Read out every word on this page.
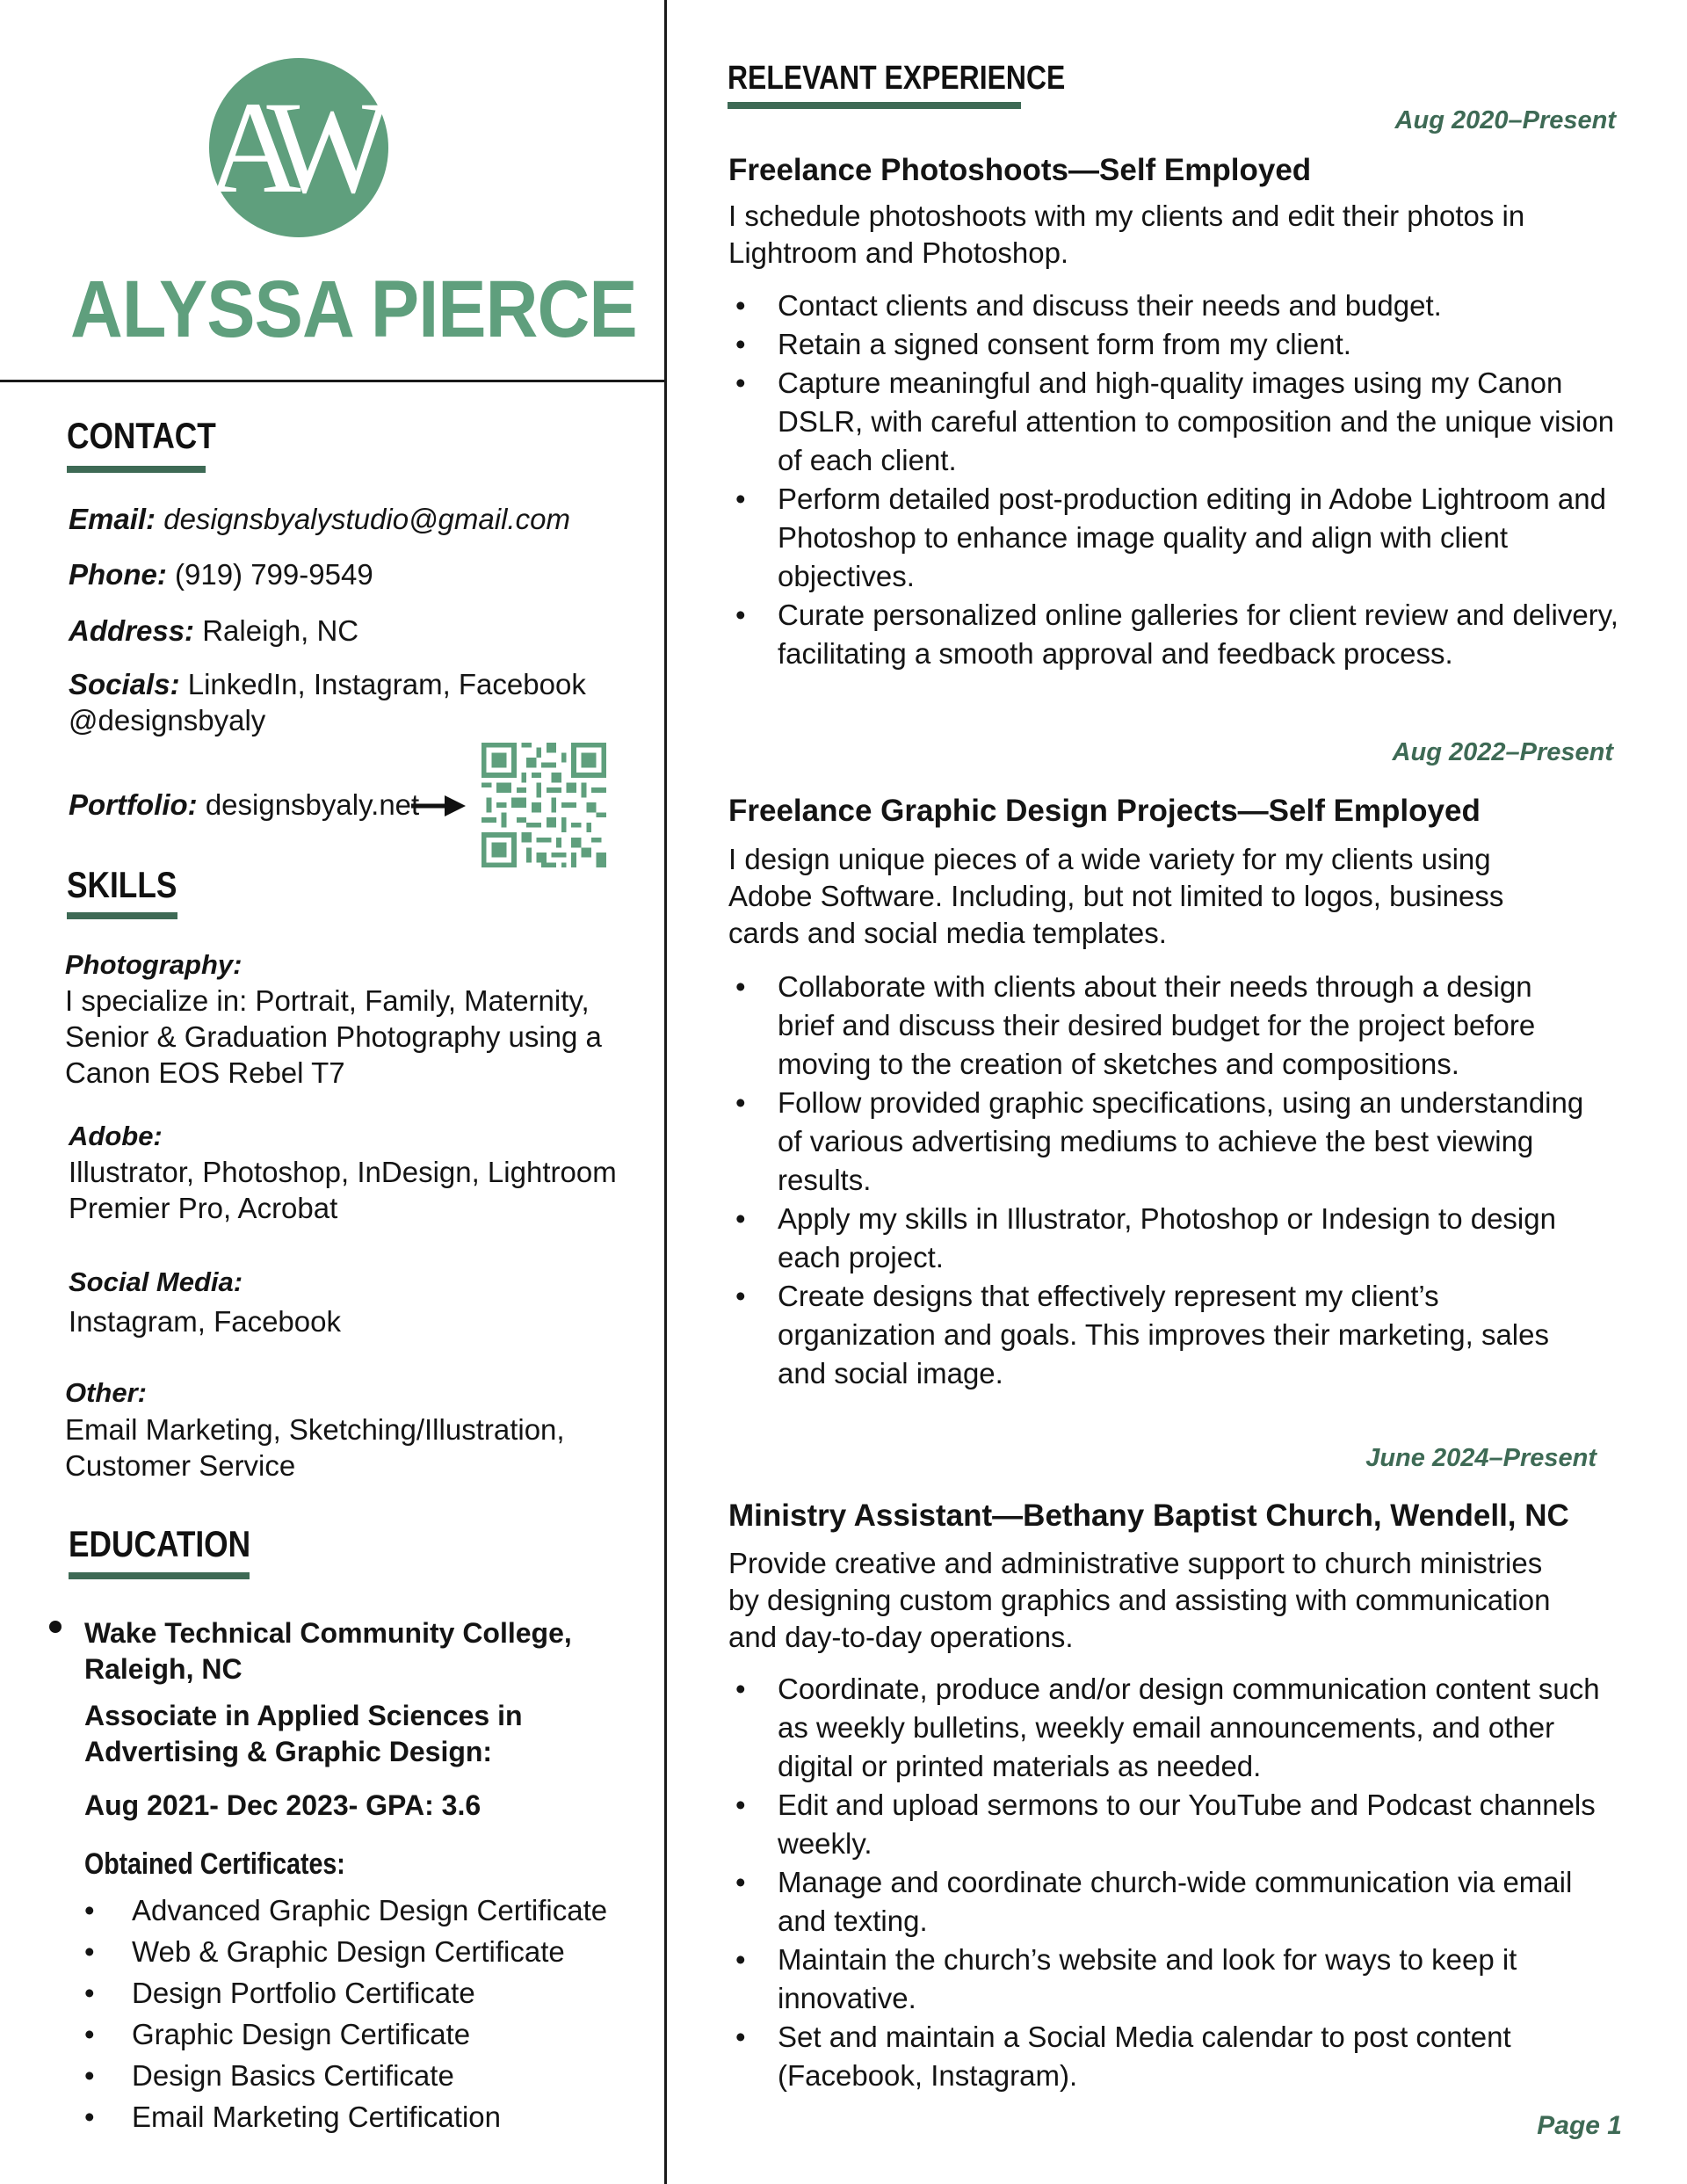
AW
ALYSSA PIERCE
CONTACT
Email: designsbyalystudio@gmail.com
Phone: (919) 799-9549
Address: Raleigh, NC
Socials: LinkedIn, Instagram, Facebook
@designsbyaly
Portfolio: designsbyaly.net
SKILLS
Photography:
I specialize in: Portrait, Family, Maternity, Senior & Graduation Photography using a Canon EOS Rebel T7
Adobe:
Illustrator, Photoshop, InDesign, Lightroom Premier Pro, Acrobat
Social Media:
Instagram, Facebook
Other:
Email Marketing, Sketching/Illustration, Customer Service
EDUCATION
Wake Technical Community College, Raleigh, NC
Associate in Applied Sciences in Advertising & Graphic Design:
Aug 2021- Dec 2023- GPA: 3.6
Obtained Certificates:
• Advanced Graphic Design Certificate
• Web & Graphic Design Certificate
• Design Portfolio Certificate
• Graphic Design Certificate
• Design Basics Certificate
• Email Marketing Certification
RELEVANT EXPERIENCE
Aug 2020–Present
Freelance Photoshoots—Self Employed
I schedule photoshoots with my clients and edit their photos in Lightroom and Photoshop.
• Contact clients and discuss their needs and budget.
• Retain a signed consent form from my client.
• Capture meaningful and high-quality images using my Canon DSLR, with careful attention to composition and the unique vision of each client.
• Perform detailed post-production editing in Adobe Lightroom and Photoshop to enhance image quality and align with client objectives.
• Curate personalized online galleries for client review and delivery, facilitating a smooth approval and feedback process.
Aug 2022–Present
Freelance Graphic Design Projects—Self Employed
I design unique pieces of a wide variety for my clients using Adobe Software. Including, but not limited to logos, business cards and social media templates.
• Collaborate with clients about their needs through a design brief and discuss their desired budget for the project before moving to the creation of sketches and compositions.
• Follow provided graphic specifications, using an understanding of various advertising mediums to achieve the best viewing results.
• Apply my skills in Illustrator, Photoshop or Indesign to design each project.
• Create designs that effectively represent my client’s organization and goals. This improves their marketing, sales and social image.
June 2024–Present
Ministry Assistant—Bethany Baptist Church, Wendell, NC
Provide creative and administrative support to church ministries by designing custom graphics and assisting with communication and day-to-day operations.
• Coordinate, produce and/or design communication content such as weekly bulletins, weekly email announcements, and other digital or printed materials as needed.
• Edit and upload sermons to our YouTube and Podcast channels weekly.
• Manage and coordinate church-wide communication via email and texting.
• Maintain the church’s website and look for ways to keep it innovative.
• Set and maintain a Social Media calendar to post content (Facebook, Instagram).
Page 1
